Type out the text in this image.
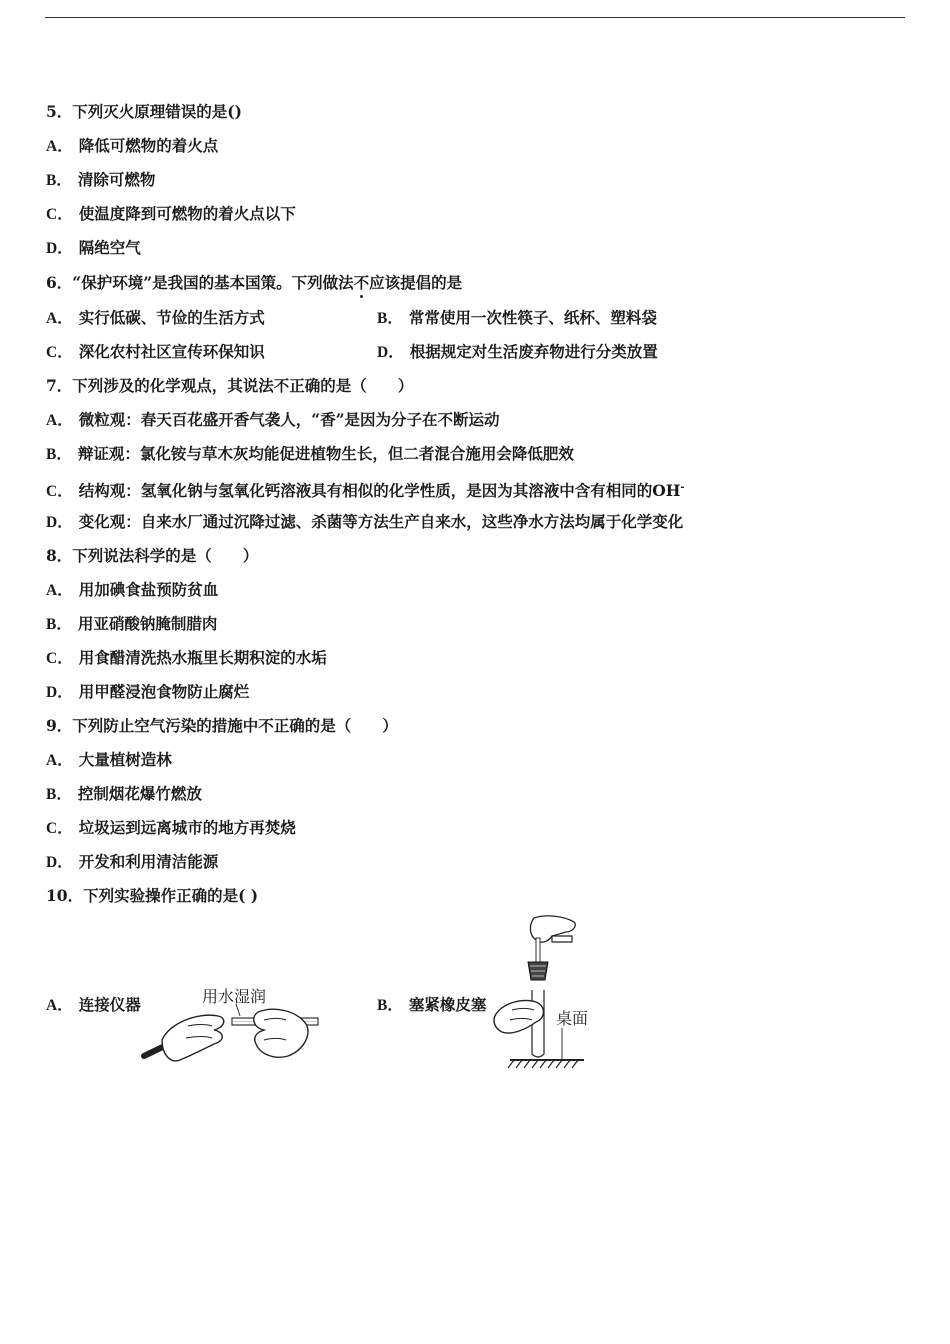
5．下列灭火原理错误的是()
A． 降低可燃物的着火点
B． 清除可燃物
C． 使温度降到可燃物的着火点以下
D． 隔绝空气
6．“保护环境”是我国的基本国策。下列做法不应该提倡的是
A． 实行低碳、节俭的生活方式	B． 常常使用一次性筷子、纸杯、塑料袋
C． 深化农村社区宣传环保知识	D． 根据规定对生活废弃物进行分类放置
7．下列涉及的化学观点，其说法不正确的是（　　）
A． 微粒观：春天百花盛开香气袭人，“香”是因为分子在不断运动
B． 辩证观：氯化铵与草木灰均能促进植物生长，但二者混合施用会降低肥效
C． 结构观：氢氧化钠与氢氧化钙溶液具有相似的化学性质，是因为其溶液中含有相同的OH-
D． 变化观：自来水厂通过沉降过滤、杀菌等方法生产自来水，这些净水方法均属于化学变化
8．下列说法科学的是（　　）
A． 用加碘食盐预防贫血
B． 用亚硝酸钠腌制腊肉
C． 用食醋清洗热水瓶里长期积淀的水垢
D． 用甲醛浸泡食物防止腐烂
9．下列防止空气污染的措施中不正确的是（　　）
A． 大量植树造林
B． 控制烟花爆竹燃放
C． 垃圾运到远离城市的地方再焚烧
D． 开发和利用清洁能源
10．下列实验操作正确的是( )
A． 连接仪器	B． 塞紧橡皮塞
用水湿润
桌面
